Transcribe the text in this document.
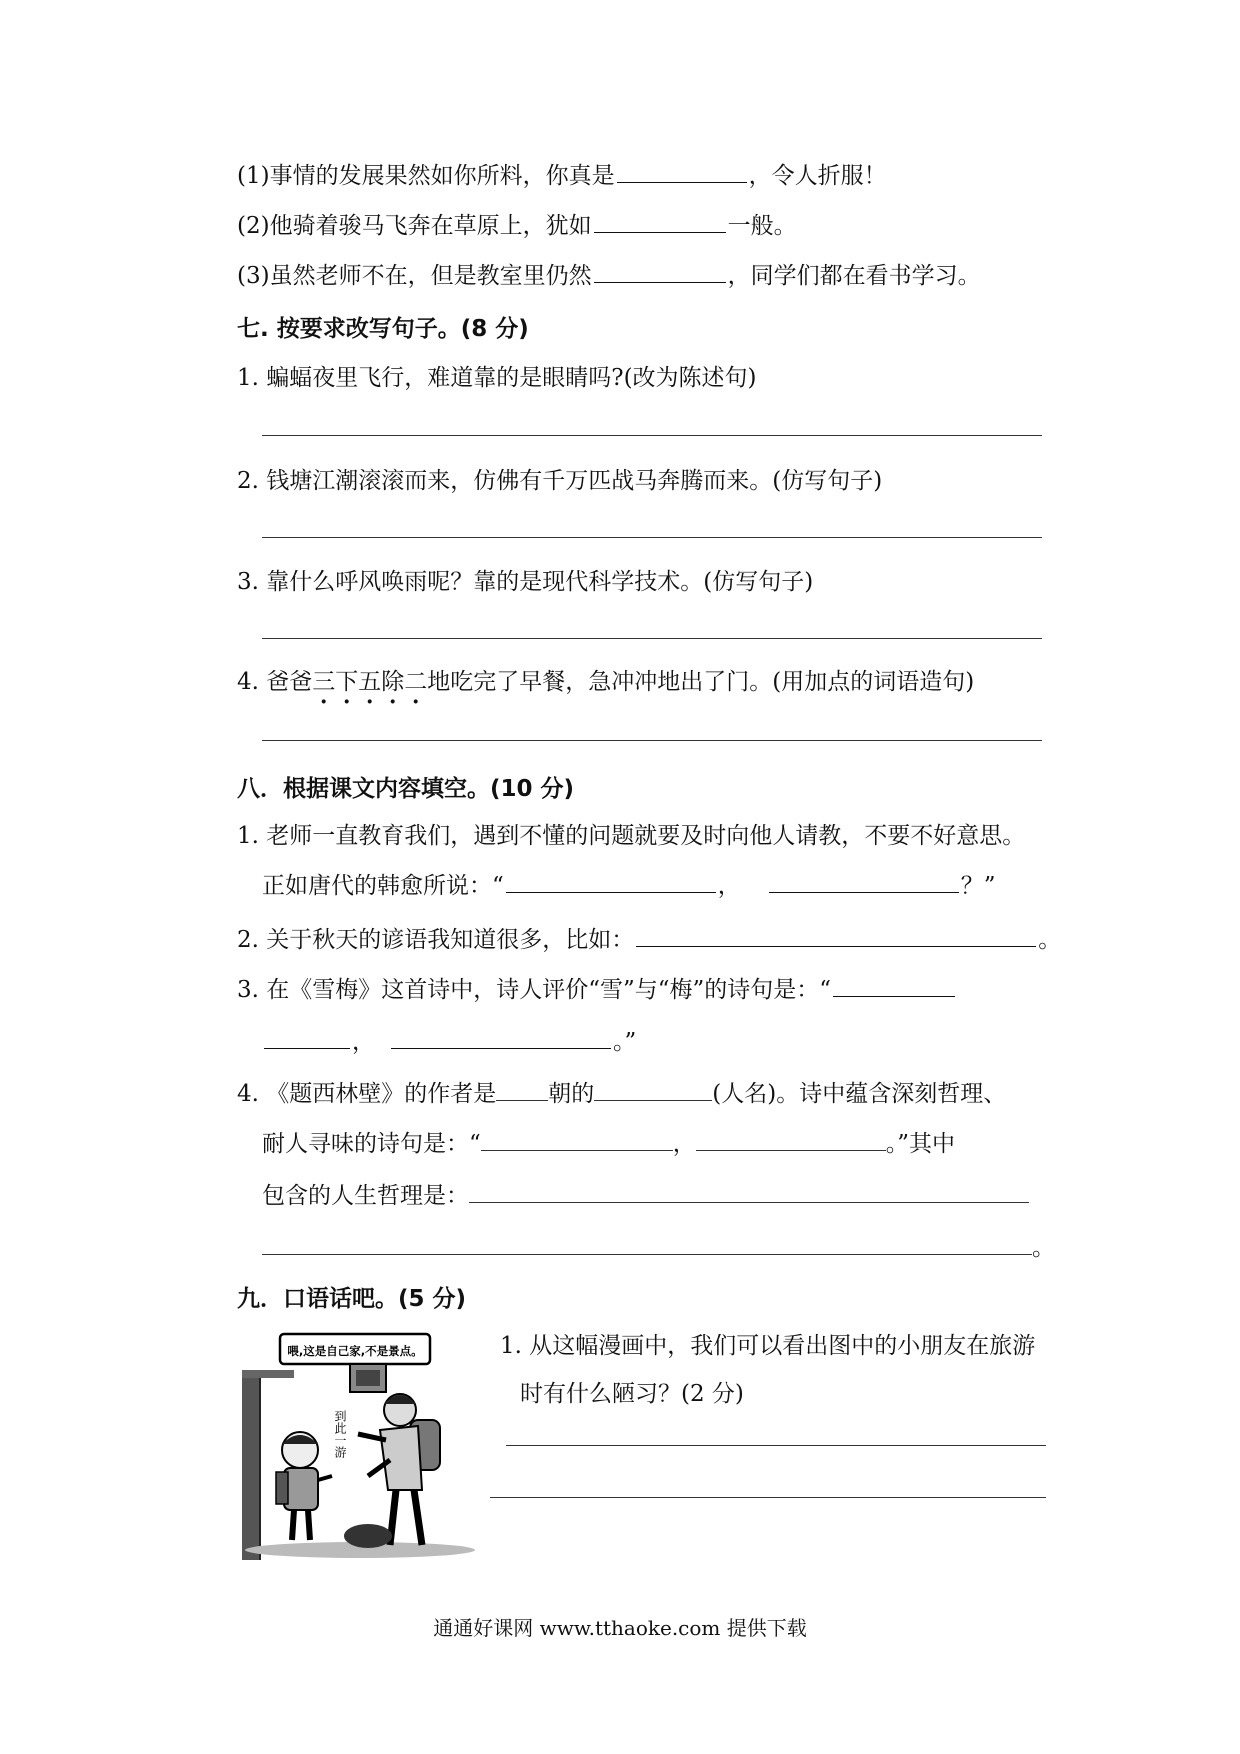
(1)事情的发展果然如你所料，你真是	，令人折服！
(2)他骑着骏马飞奔在草原上，犹如	一般。
(3)虽然老师不在，但是教室里仍然	，同学们都在看书学习。
七. 按要求改写句子。(8 分)
1. 蝙蝠夜里飞行，难道靠的是眼睛吗?(改为陈述句)
2. 钱塘江潮滚滚而来，仿佛有千万匹战马奔腾而来。(仿写句子)
3. 靠什么呼风唤雨呢？靠的是现代科学技术。(仿写句子)
4. 爸爸三下五除二地吃完了早餐，急冲冲地出了门。(用加点的词语造句)
八．根据课文内容填空。(10 分)
1. 老师一直教育我们，遇到不懂的问题就要及时向他人请教，不要不好意思。
正如唐代的韩愈所说：“	，	？”
2. 关于秋天的谚语我知道很多，比如：	。
3. 在《雪梅》这首诗中，诗人评价“雪”与“梅”的诗句是：“
，	。”
4. 《题西林壁》的作者是 朝的	(人名)。诗中蕴含深刻哲理、
耐人寻味的诗句是：“	，	。”其中
包含的人生哲理是：
。
九．口语话吧。(5 分)
喂,这是自己家,不是景点。
到此一游
1. 从这幅漫画中，我们可以看出图中的小朋友在旅游
时有什么陋习？(2 分)
通通好课网 www.tthaoke.com 提供下载
